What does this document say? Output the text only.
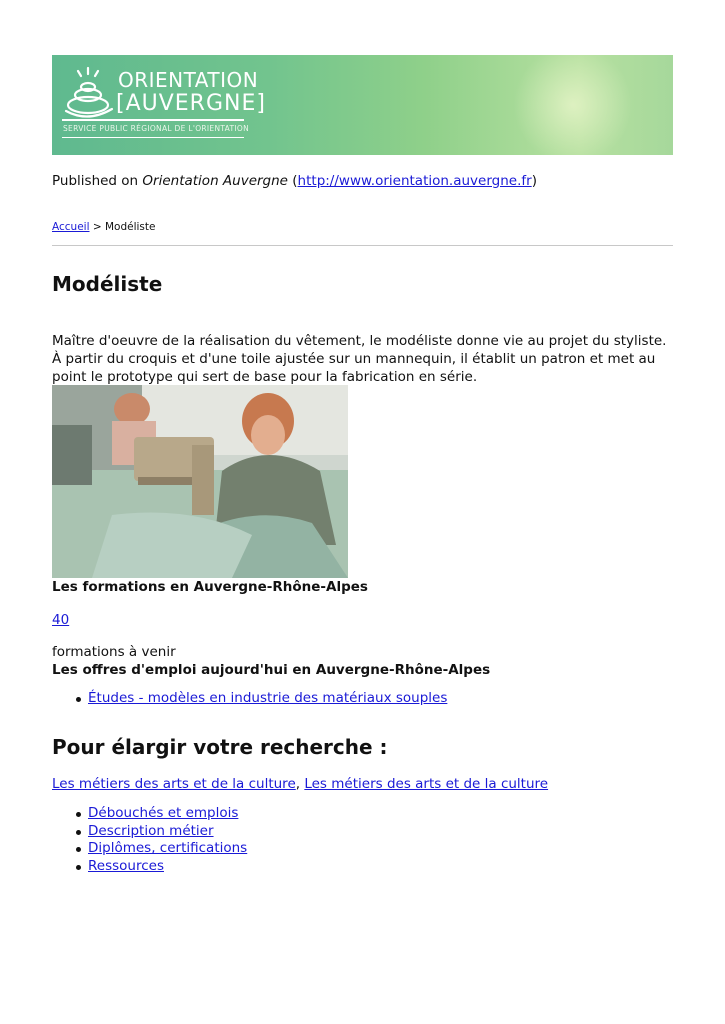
ORIENTATION
[AUVERGNE]
SERVICE PUBLIC RÉGIONAL DE L'ORIENTATION
Published on Orientation Auvergne (http://www.orientation.auvergne.fr)
Accueil > Modéliste
Modéliste

Maître d'oeuvre de la réalisation du vêtement, le modéliste donne vie au projet du styliste. À partir du croquis et d'une toile ajustée sur un mannequin, il établit un patron et met au point le prototype qui sert de base pour la fabrication en série.

Les formations en Auvergne-Rhône-Alpes
40
formations à venir
Les offres d'emploi aujourd'hui en Auvergne-Rhône-Alpes
Études - modèles en industrie des matériaux souples
Pour élargir votre recherche :
Les métiers des arts et de la culture, Les métiers des arts et de la culture
Débouchés et emplois
Description métier
Diplômes, certifications
Ressources
